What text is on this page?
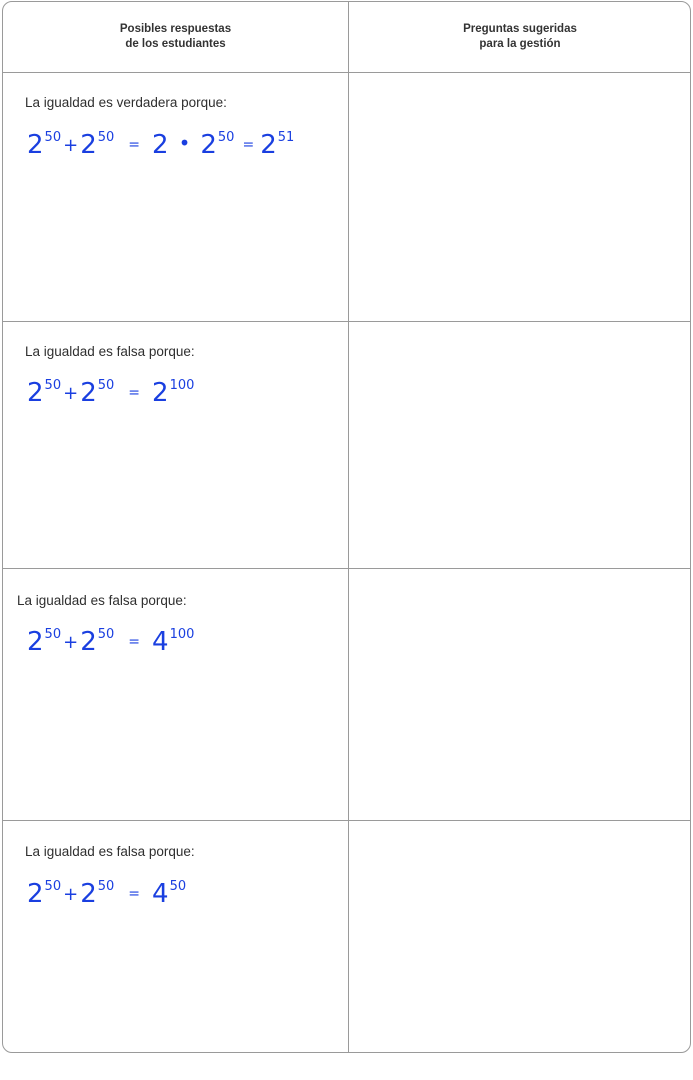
Posibles respuestas
de los estudiantes
Preguntas sugeridas
para la gestión
La igualdad es verdadera porque:
$2^{50} +2^{50} = 2$ • $2^{50} = 2^{51}$
La igualdad es falsa porque:
$2^{50} +2^{50} = 2^{100}$
La igualdad es falsa porque:
$2^{50} +2^{50} = 4^{100}$
La igualdad es falsa porque:
$2^{50} +2^{50} = 4^{50}$
